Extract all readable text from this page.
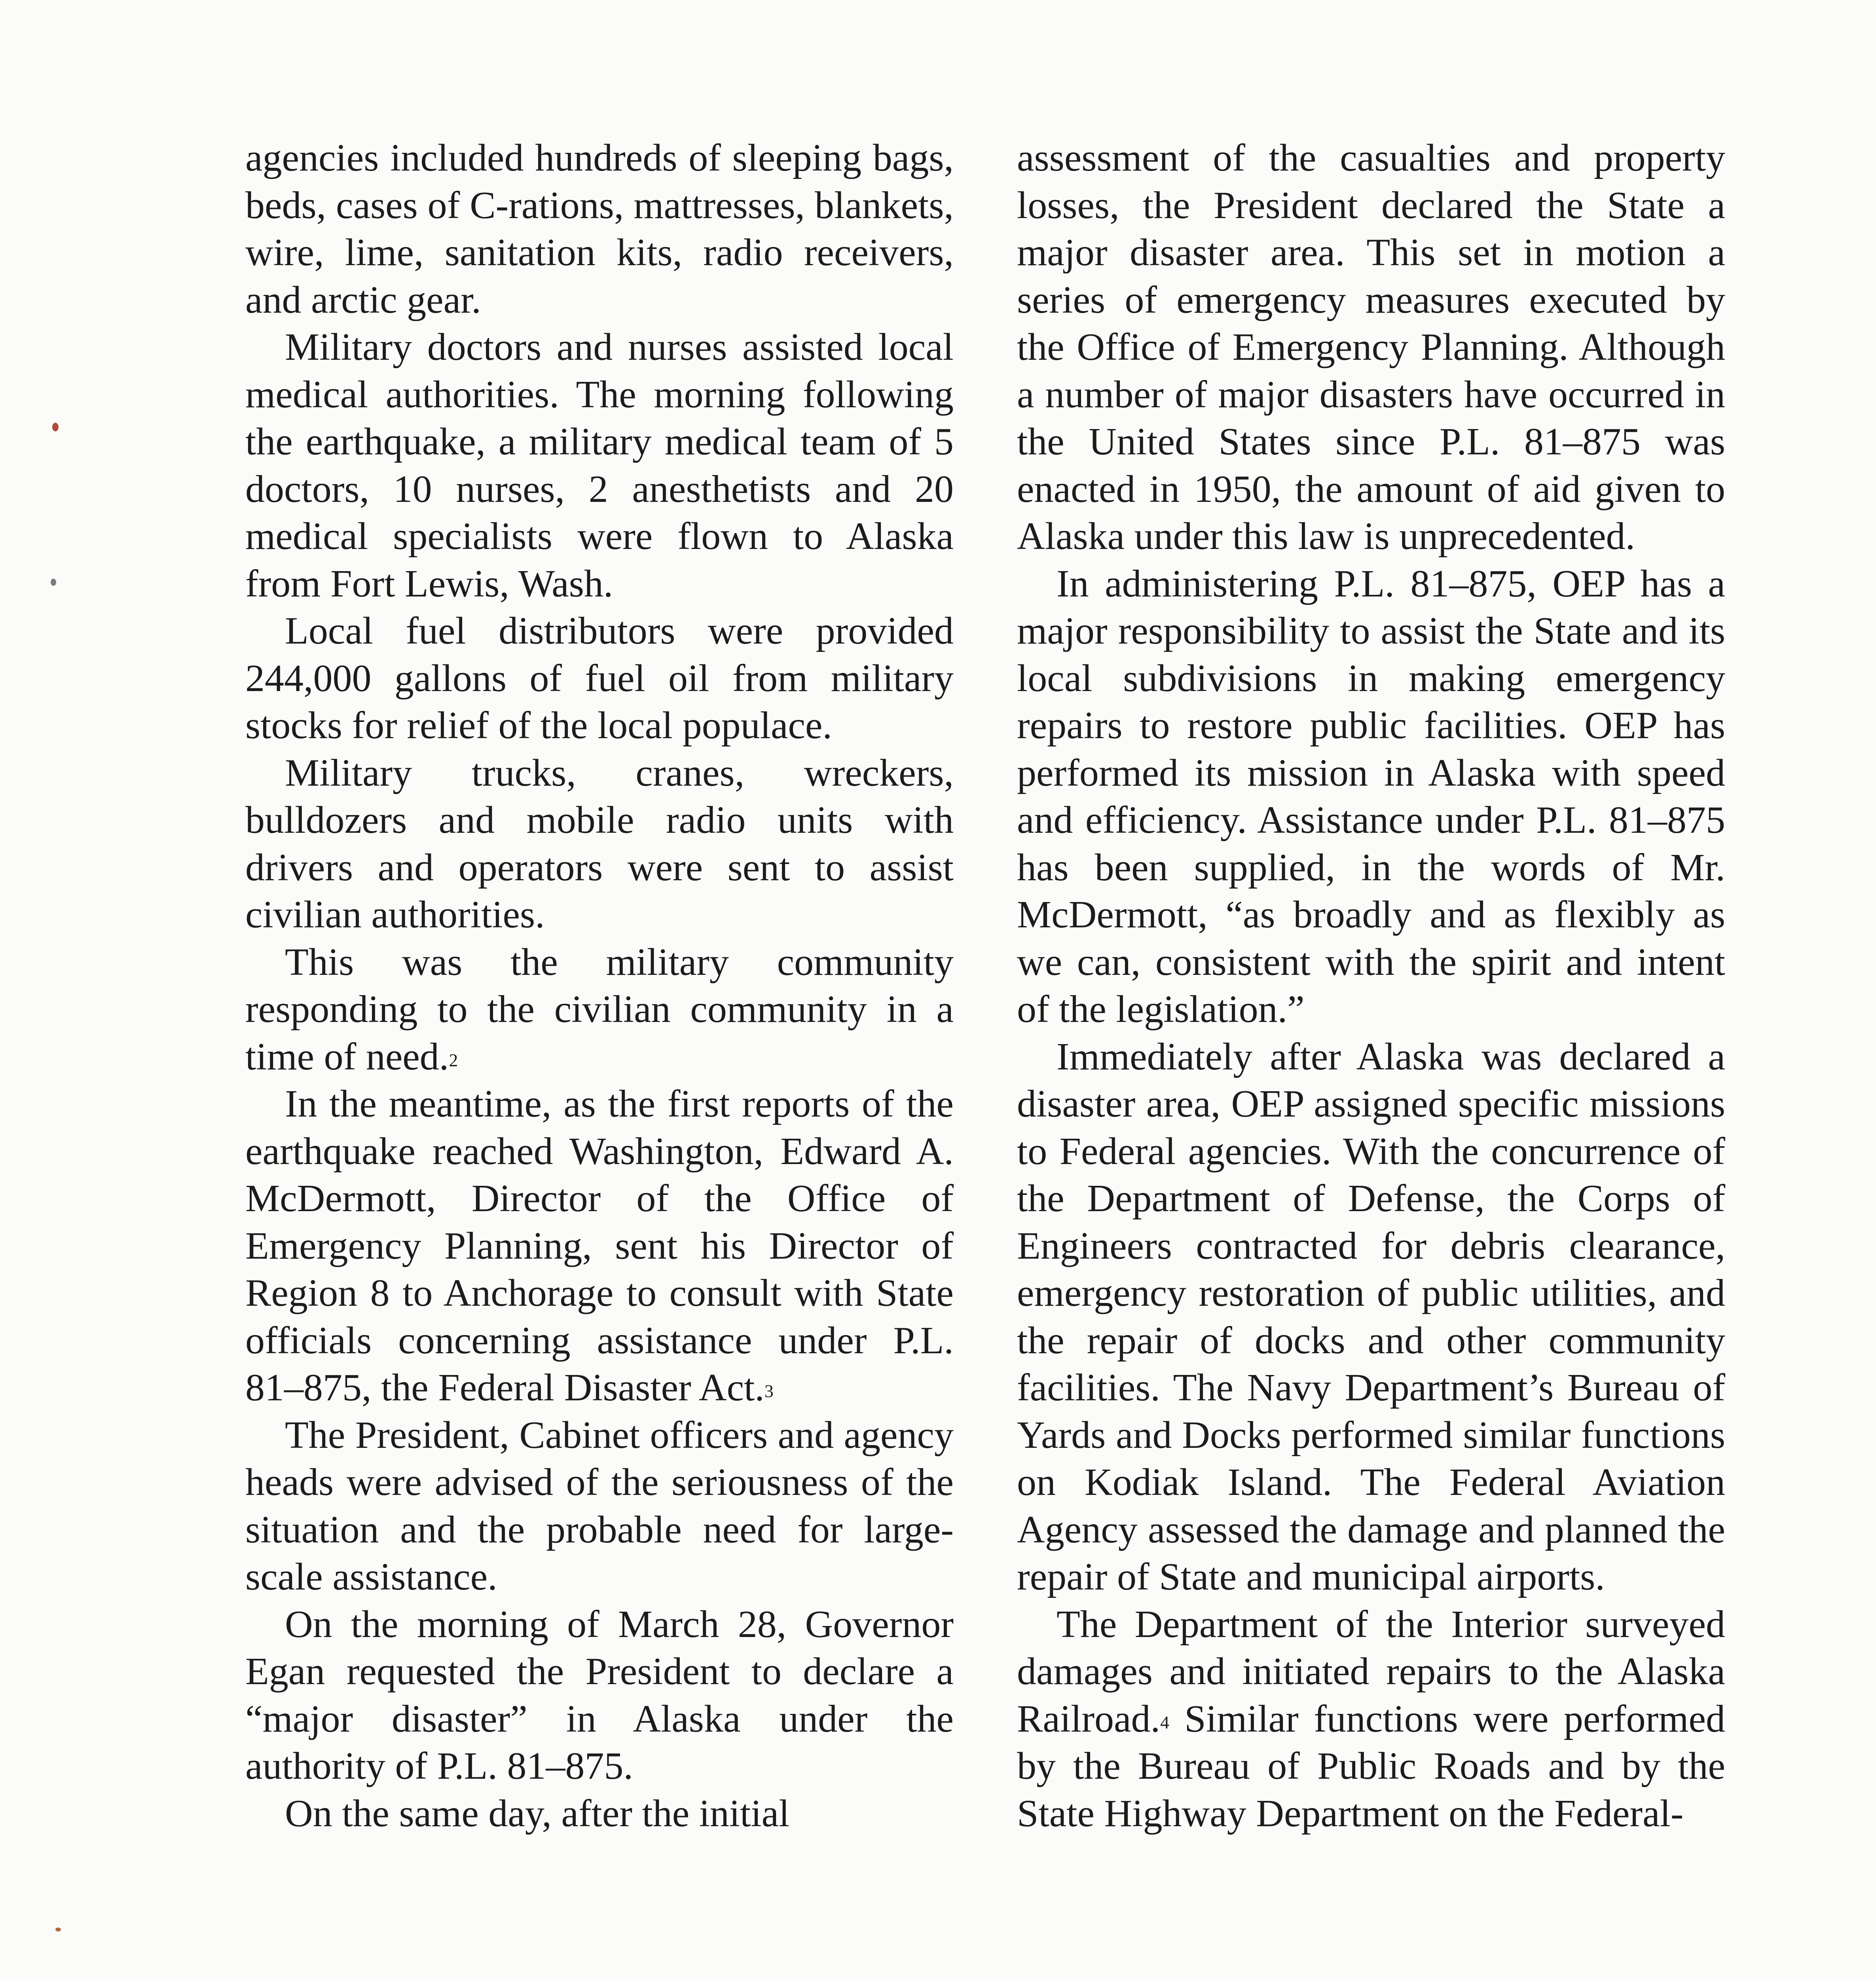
agencies included hundreds of sleeping bags, beds, cases of C-rations, mattresses, blankets, wire, lime, sanitation kits, radio receivers, and arctic gear.

Military doctors and nurses assisted local medical authorities. The morning following the earthquake, a military medical team of 5 doctors, 10 nurses, 2 anesthetists and 20 medical specialists were flown to Alaska from Fort Lewis, Wash.

Local fuel distributors were provided 244,000 gallons of fuel oil from military stocks for relief of the local populace.

Military trucks, cranes, wreckers, bulldozers and mobile radio units with drivers and operators were sent to assist civilian authorities.

This was the military community responding to the civilian community in a time of need.$^2$

In the meantime, as the first reports of the earthquake reached Washington, Edward A. McDermott, Director of the Office of Emergency Planning, sent his Director of Region 8 to Anchorage to consult with State officials concerning assistance under P.L. 81–875, the Federal Disaster Act.$^3$

The President, Cabinet officers and agency heads were advised of the seriousness of the situation and the probable need for large-scale assistance.

On the morning of March 28, Governor Egan requested the President to declare a “major disaster” in Alaska under the authority of P.L. 81–875.

On the same day, after the initial

assessment of the casualties and property losses, the President declared the State a major disaster area. This set in motion a series of emergency measures executed by the Office of Emergency Planning. Although a number of major disasters have occurred in the United States since P.L. 81–875 was enacted in 1950, the amount of aid given to Alaska under this law is unprecedented.

In administering P.L. 81–875, OEP has a major responsibility to assist the State and its local subdivisions in making emergency repairs to restore public facilities. OEP has performed its mission in Alaska with speed and efficiency. Assistance under P.L. 81–875 has been supplied, in the words of Mr. McDermott, “as broadly and as flexibly as we can, consistent with the spirit and intent of the legislation.”

Immediately after Alaska was declared a disaster area, OEP assigned specific missions to Federal agencies. With the concurrence of the Department of Defense, the Corps of Engineers contracted for debris clearance, emergency restoration of public utilities, and the repair of docks and other community facilities. The Navy Department’s Bureau of Yards and Docks performed similar functions on Kodiak Island. The Federal Aviation Agency assessed the damage and planned the repair of State and municipal airports.

The Department of the Interior surveyed damages and initiated repairs to the Alaska Railroad.$^4$ Similar functions were performed by the Bureau of Public Roads and by the State Highway Department on the Federal-
